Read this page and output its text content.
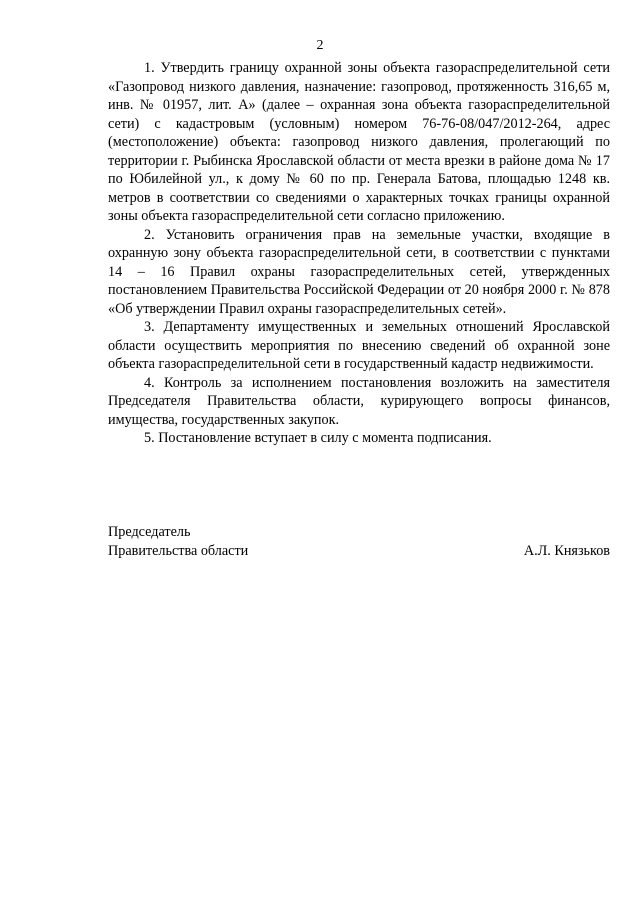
2

1. Утвердить границу охранной зоны объекта газораспределительной сети «Газопровод низкого давления, назначение: газопровод, протяженность 316,65 м, инв. № 01957, лит. А» (далее – охранная зона объекта газораспределительной сети) с кадастровым (условным) номером 76-76-08/047/2012-264, адрес (местоположение) объекта: газопровод низкого давления, пролегающий по территории г. Рыбинска Ярославской области от места врезки в районе дома № 17 по Юбилейной ул., к дому № 60 по пр. Генерала Батова, площадью 1248 кв. метров в соответствии со сведениями о характерных точках границы охранной зоны объекта газораспределительной сети согласно приложению.

2. Установить ограничения прав на земельные участки, входящие в охранную зону объекта газораспределительной сети, в соответствии с пунктами 14 – 16 Правил охраны газораспределительных сетей, утвержденных постановлением Правительства Российской Федерации от 20 ноября 2000 г. № 878 «Об утверждении Правил охраны газораспределительных сетей».

3. Департаменту имущественных и земельных отношений Ярославской области осуществить мероприятия по внесению сведений об охранной зоне объекта газораспределительной сети в государственный кадастр недвижимости.

4. Контроль за исполнением постановления возложить на заместителя Председателя Правительства области, курирующего вопросы финансов, имущества, государственных закупок.

5. Постановление вступает в силу с момента подписания.

Председатель
Правительства области	А.Л. Князьков
